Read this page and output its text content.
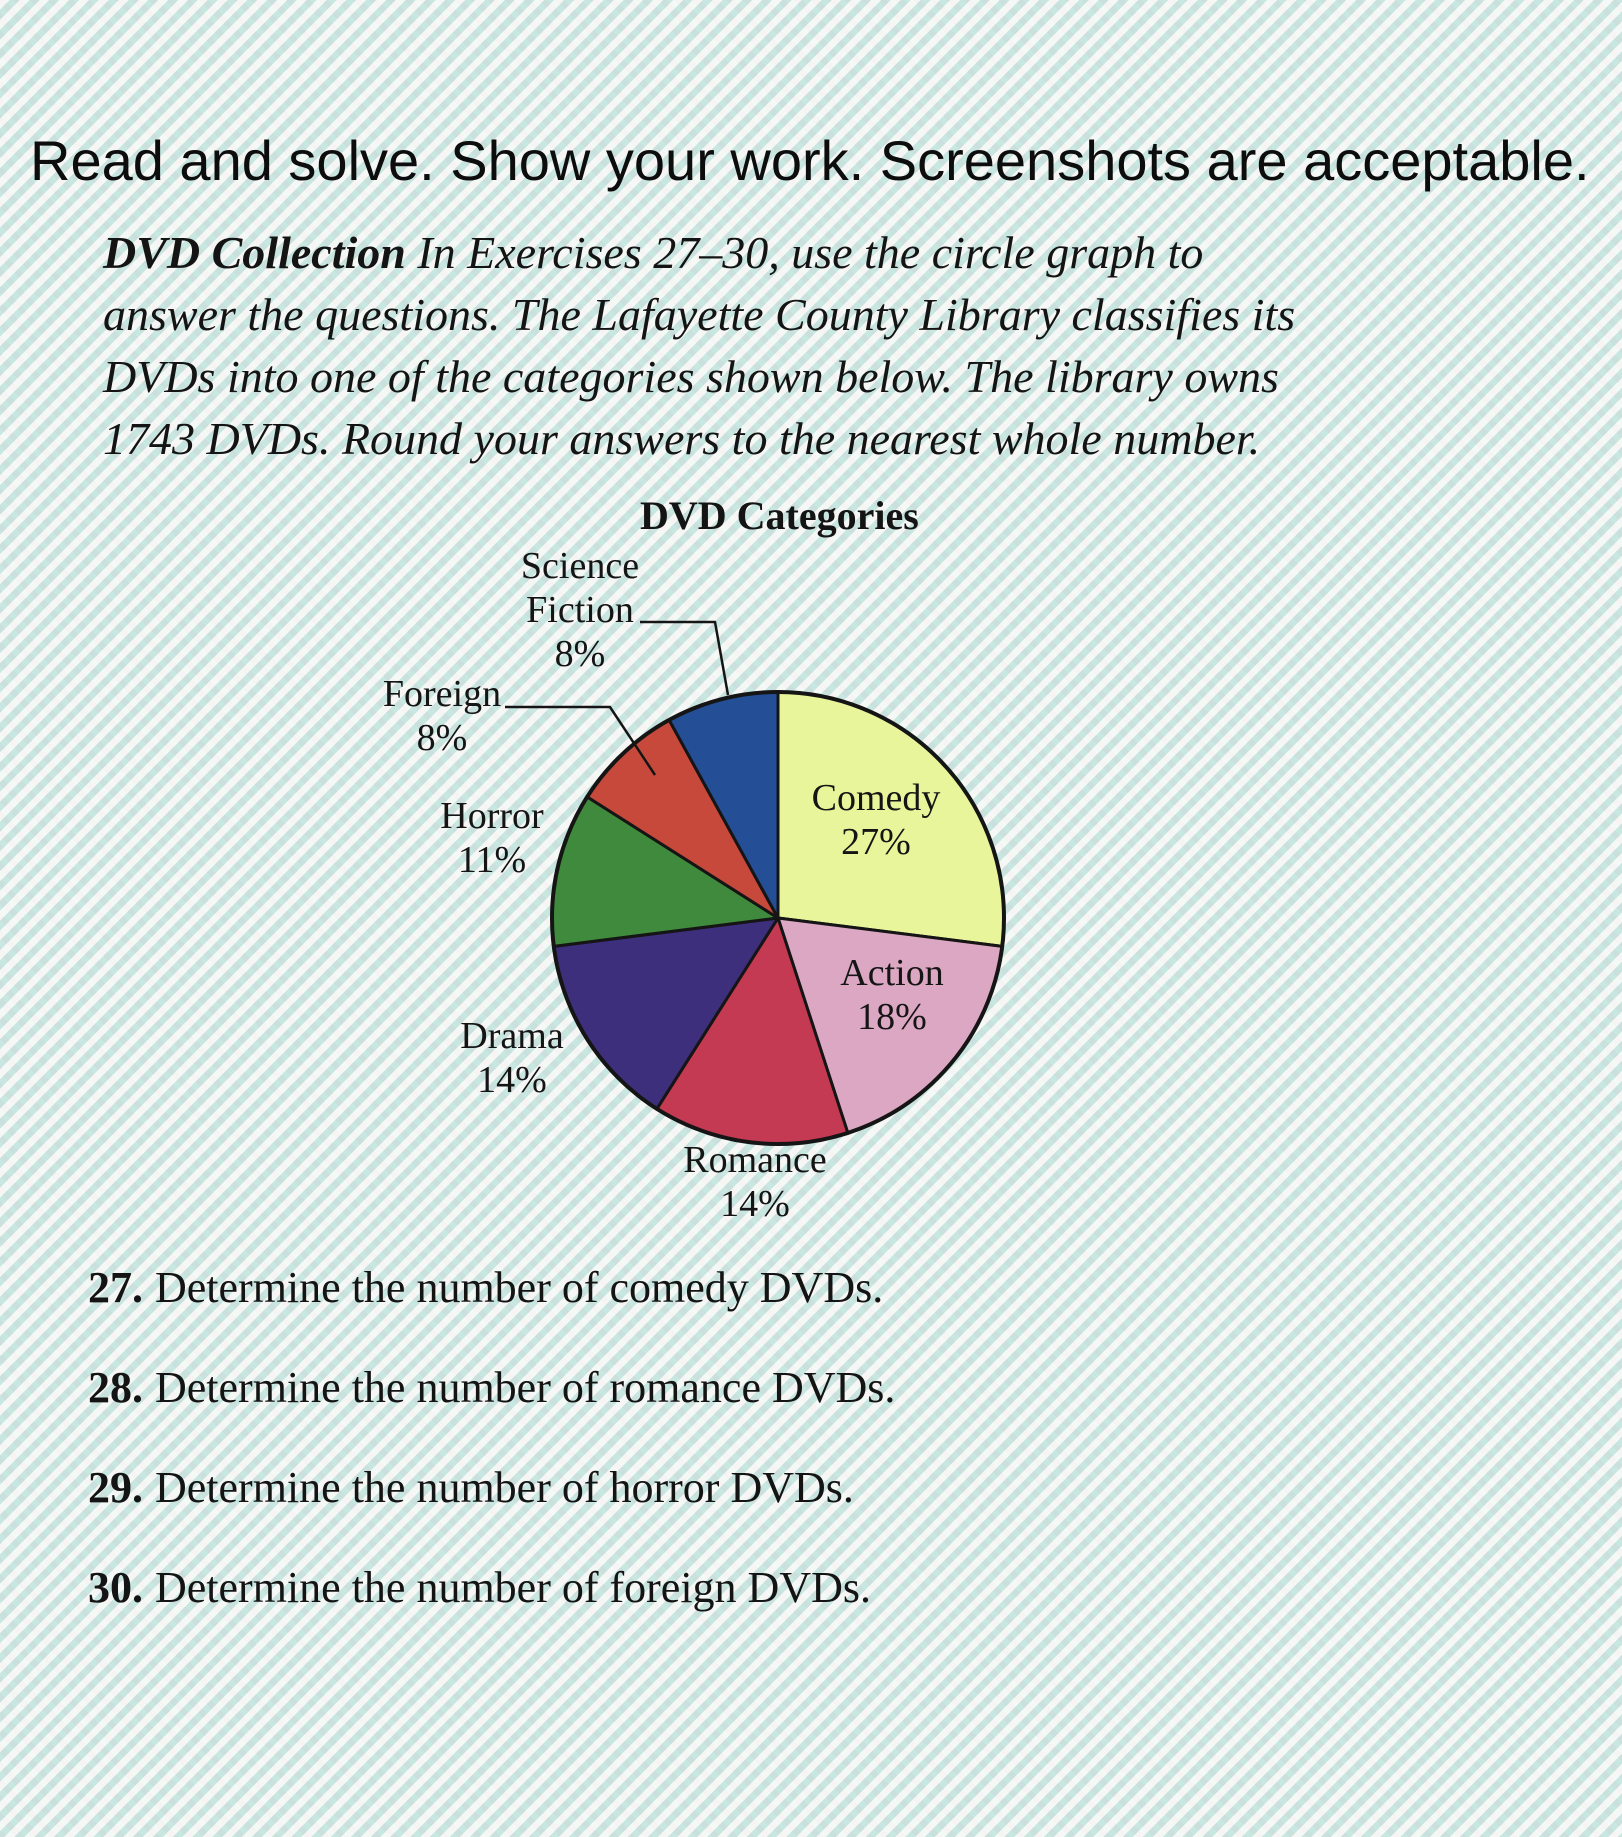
Read and solve. Show your work. Screenshots are acceptable.

DVD Collection In Exercises 27–30, use the circle graph to answer the questions. The Lafayette County Library classifies its DVDs into one of the categories shown below. The library owns 1743 DVDs. Round your answers to the nearest whole number.

DVD Categories
Comedy 27%
Action 18%
Romance 14%
Drama 14%
Horror 11%
Foreign 8%
Science Fiction 8%
27. Determine the number of comedy DVDs.
28. Determine the number of romance DVDs.
29. Determine the number of horror DVDs.
30. Determine the number of foreign DVDs.
